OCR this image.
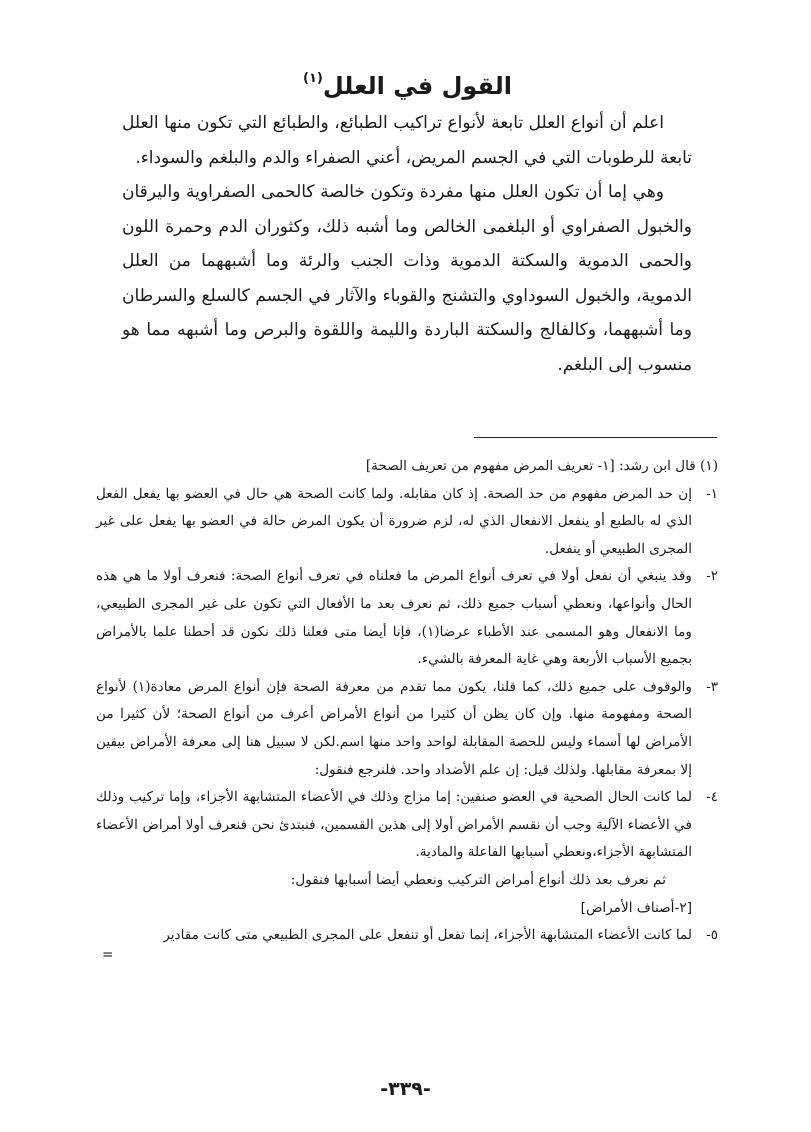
القول في العلل$^{(١)}$

اعلم أن أنواع العلل تابعة لأنواع تراكيب الطبائع، والطبائع التي تكون منها العلل تابعة للرطوبات التي في الجسم المريض، أعني الصفراء والدم والبلغم والسوداء.

وهي إما أن تكون العلل منها مفردة وتكون خالصة كالحمى الصفراوية واليرقان والخبول الصفراوي أو البلغمى الخالص وما أشبه ذلك، وكثوران الدم وحمرة اللون والحمى الدموية والسكتة الدموية وذات الجنب والرئة وما أشبههما من العلل الدموية، والخبول السوداوي والتشنج والقوباء والآثار في الجسم كالسلع والسرطان وما أشبههما، وكالفالج والسكتة الباردة والليمة واللقوة والبرص وما أشبهه مما هو منسوب إلى البلغم.

(١) قال ابن رشد: [١- تعريف المرض مفهوم من تعريف الصحة]
١-
إن حد المرض مفهوم من حد الصحة. إذ كان مقابله. ولما كانت الصحة هي حال في العضو بها يفعل الفعل الذي له بالطبع أو ينفعل الانفعال الذي له، لزم ضرورة أن يكون المرض حالة في العضو بها يفعل على غير المجرى الطبيعي أو ينفعل.
٢-
وقد ينبغي أن نفعل أولا في تعرف أنواع المرض ما فعلناه في تعرف أنواع الصحة: فنعرف أولا ما هي هذه الحال وأنواعها، ونعطي أسباب جميع ذلك، ثم نعرف بعد ما الأفعال التي تكون على غير المجرى الطبيعي، وما الانفعال وهو المسمى عند الأطباء عرضا(١)، فإنا أيضا متى فعلنا ذلك نكون قد أحطنا علما بالأمراض بجميع الأسباب الأربعة وهي غاية المعرفة بالشيء.
٣-
والوقوف على جميع ذلك، كما قلنا، يكون مما تقدم من معرفة الصحة فإن أنواع المرض معادة(١) لأنواع الصحة ومفهومة منها. وإن كان يظن أن كثيرا من أنواع الأمراض أعرف من أنواع الصحة؛ لأن كثيرا من الأمراض لها أسماء وليس للحصة المقابلة لواحد واحد منها اسم.لكن لا سبيل هنا إلى معرفة الأمراض بيقين إلا بمعرفة مقابلها. ولذلك قيل: إن علم الأضداد واحد. فلنرجع فنقول:
٤-
لما كانت الحال الصحية في العضو صنفين: إما مزاج وذلك في الأعضاء المتشابهة الأجزاء، وإما تركيب وذلك في الأعضاء الآلية وجب أن نقسم الأمراض أولا إلى هذين القسمين، فنبتدئ نحن فنعرف أولا أمراض الأعضاء المتشابهة الأجزاء،ونعطي أسبابها الفاعلة والمادية.
ثم نعرف بعد ذلك أنواع أمراض التركيب ونعطي أيضا أسبابها فنقول:
[٢-أصناف الأمراض]
٥-
لما كانت الأعضاء المتشابهة الأجزاء، إنما تفعل أو تنفعل على المجرى الطبيعي متى كانت مقادير
=
-٣٣٩-
